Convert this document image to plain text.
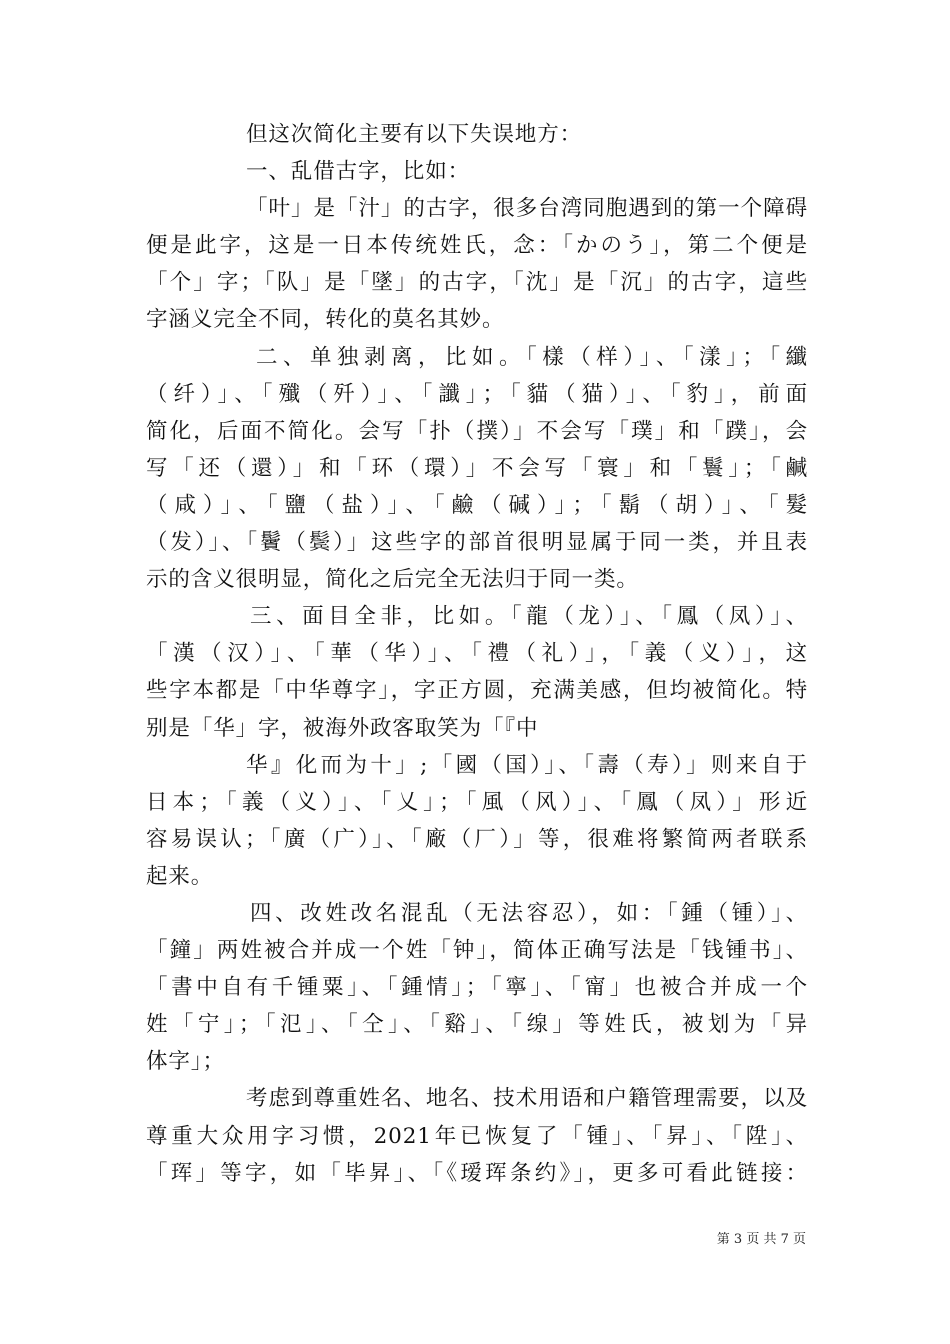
但这次简化主要有以下失误地方：
一、乱借古字，比如：
「叶」是「汁」的古字，很多台湾同胞遇到的第一个障碍
便是此字，这是一日本传统姓氏，念：「かのう」，第二个便是
「个」字；「队」是「墜」的古字，「沈」是「沉」的古字，這些
字涵义完全不同，转化的莫名其妙。
二、单独剥离，比如。「樣（样）」、「漾」；「纖
（纤）」、「殲（歼）」、「讖」；「貓（猫）」、「豹」，前面
简化，后面不简化。会写「扑（撲）」不会写「璞」和「蹼」，会
写「还（還）」和「环（環）」不会写「寰」和「鬟」；「鹹
（咸）」、「鹽（盐）」、「鹼（碱）」；「鬍（胡）」、「髮
（发）」、「鬢（鬓）」这些字的部首很明显属于同一类，并且表
示的含义很明显，简化之后完全无法归于同一类。
三、面目全非，比如。「龍（龙）」、「鳳（凤）」、
「漢（汉）」、「華（华）」、「禮（礼）」，「義（义）」，这
些字本都是「中华尊字」，字正方圆，充满美感，但均被简化。特
别是「华」字，被海外政客取笑为「『中
华』化而为十」;「國（国）」、「壽（寿）」则来自于
日本；「義（义）」、「乂」；「風（风）」、「鳳（凤）」形近
容易误认；「廣（广）」、「廠（厂）」等，很难将繁简两者联系
起来。
四、改姓改名混乱（无法容忍），如：「鍾（锺）」、
「鐘」两姓被合并成一个姓「钟」，简体正确写法是「钱锺书」、
「書中自有千锺粟」、「鍾情」；「寧」、「甯」也被合并成一个
姓「宁」；「氾」、「仝」、「谿」、「缐」等姓氏，被划为「异
体字」；
考虑到尊重姓名、地名、技术用语和户籍管理需要，以及
尊重大众用字习惯，2021年已恢复了「锺」、「昇」、「陞」、
「珲」等字，如「毕昇」、「《瑷珲条约》」，更多可看此链接：
第 3 页 共 7 页
